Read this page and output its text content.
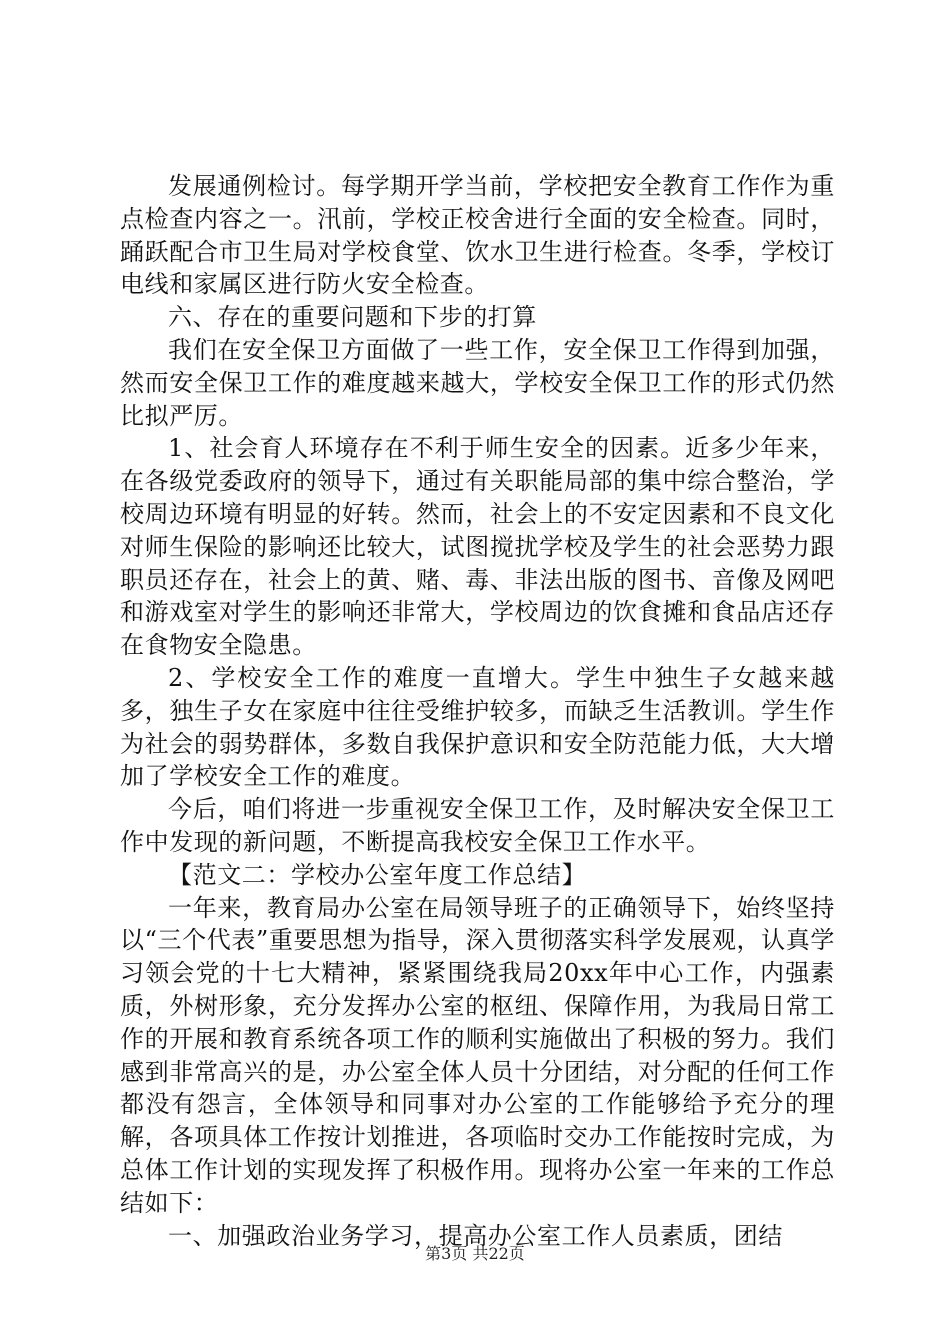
发展通例检讨。每学期开学当前，学校把安全教育工作作为重点检查内容之一。汛前，学校正校舍进行全面的安全检查。同时，踊跃配合市卫生局对学校食堂、饮水卫生进行检查。冬季，学校订电线和家属区进行防火安全检查。

六、存在的重要问题和下步的打算

我们在安全保卫方面做了一些工作，安全保卫工作得到加强，然而安全保卫工作的难度越来越大，学校安全保卫工作的形式仍然比拟严厉。

1、社会育人环境存在不利于师生安全的因素。近多少年来，在各级党委政府的领导下，通过有关职能局部的集中综合整治，学校周边环境有明显的好转。然而，社会上的不安定因素和不良文化对师生保险的影响还比较大，试图搅扰学校及学生的社会恶势力跟职员还存在，社会上的黄、赌、毒、非法出版的图书、音像及网吧和游戏室对学生的影响还非常大，学校周边的饮食摊和食品店还存在食物安全隐患。

2、学校安全工作的难度一直增大。学生中独生子女越来越多，独生子女在家庭中往往受维护较多，而缺乏生活教训。学生作为社会的弱势群体，多数自我保护意识和安全防范能力低，大大增加了学校安全工作的难度。

今后，咱们将进一步重视安全保卫工作，及时解决安全保卫工作中发现的新问题，不断提高我校安全保卫工作水平。

【范文二：学校办公室年度工作总结】

一年来，教育局办公室在局领导班子的正确领导下，始终坚持以“三个代表”重要思想为指导，深入贯彻落实科学发展观，认真学习领会党的十七大精神，紧紧围绕我局20xx年中心工作，内强素质，外树形象，充分发挥办公室的枢纽、保障作用，为我局日常工作的开展和教育系统各项工作的顺利实施做出了积极的努力。我们感到非常高兴的是，办公室全体人员十分团结，对分配的任何工作都没有怨言，全体领导和同事对办公室的工作能够给予充分的理解，各项具体工作按计划推进，各项临时交办工作能按时完成，为总体工作计划的实现发挥了积极作用。现将办公室一年来的工作总结如下：

一、加强政治业务学习，提高办公室工作人员素质，团结

第3页 共22页
